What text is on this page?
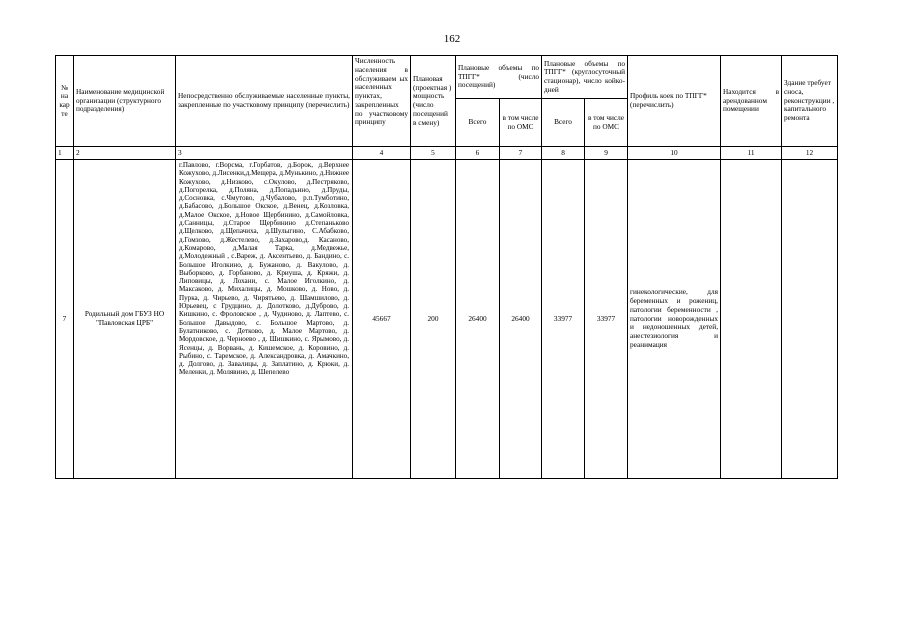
162
№ на кар те	Наименование медицинской организации (структурного подразделения)	Непосредственно обслуживаемые населенные пункты, закрепленные по участковому принципу (перечислить)	Численность населения в обслуживаем ых населенных пунктах, закрепленных по участковому принципу	Плановая (проектная ) мощность (число посещений в смену)	Плановые объемы по ТПГГ* (число посещений)		Плановые объемы по ТПГГ* (круглосуточный стационар), число койко-дней		Профиль коек по ТПГГ* (перечислить)	Находится в арендованном помещении	Здание требует сноса, реконструкции , капитального ремонта
					Всего	в том числе по ОМС	Всего	в том числе по ОМС			
1	2	3	4	5	6	7	8	9	10	11	12
7	Родильный дом ГБУЗ НО "Павловская ЦРБ"	г.Павлово, г.Ворсма, г.Горбатов, д.Борок, д.Верхнее Кожухово, д.Лисенки,д.Мещера, д.Мунькино, д.Нижнее Кожухово, д.Низково, с.Окулово, д.Пестряково, д.Погорелка, д.Поляна, д.Попадьино, д.Пруды, д.Сосновка, с.Чмутово, д.Чубалово, р.п.Тумботино, д.Бабасово, д.Большое Окское, д.Венец, д.Козловка, д.Малое Окское, д.Новое Щербинино, д.Самойловка, д.Санницы, д.Старое Щербинино д.Степаньково д.Щелково, д.Щепачиха, д.Шулыгино, С.Абабково, д.Гомзово, д.Жестелево, д.Захарово,д. Касаново, д.Комарово, д.Малая Тарка, д.Медвежье, д.Молодежный , с.Вареж, д. Аксентьево, д. Бандино, с. Большое Иголкино, д. Бужаново, д. Вакулово, д. Выборково, д. Горбаново, д. Криуша, д. Кряжи, д. Липовицы, д. Лохани, с. Малое Иголкино, д. Максаково, д. Михалицы, д. Мошково, д. Ново, д. Пурка, д. Чирьево, д. Чирятьево, д. Шамшилово, д. Юрьевец, с Грудцино, д. Долотково, д.Дуброво, д. Кишкино, с. Фроловское , д. Чудиново, д. Лаптево, с. Большое Давыдово, с. Большое Мартово, д. Булатниково, с. Детково, д. Малое Мартово, д. Мордовское, д. Черноево , д. Шишкино, с. Ярымово, д. Ясенцы, д. Ворвань, д. Кишемское, д. Коровино, д. Рыбино, с. Таремское, д. Александровка, д. Амачкино, д. Долгово, д. Завалицы, д. Заплатино, д. Крюки, д. Меленки, д. Молявино, д. Шепелево	45667	200	26400	26400	33977	33977	гинекологические, для беременных и рожениц, патологии беременности , патологии новорожденных и недоношенных детей, анестезиология и реанимация		
